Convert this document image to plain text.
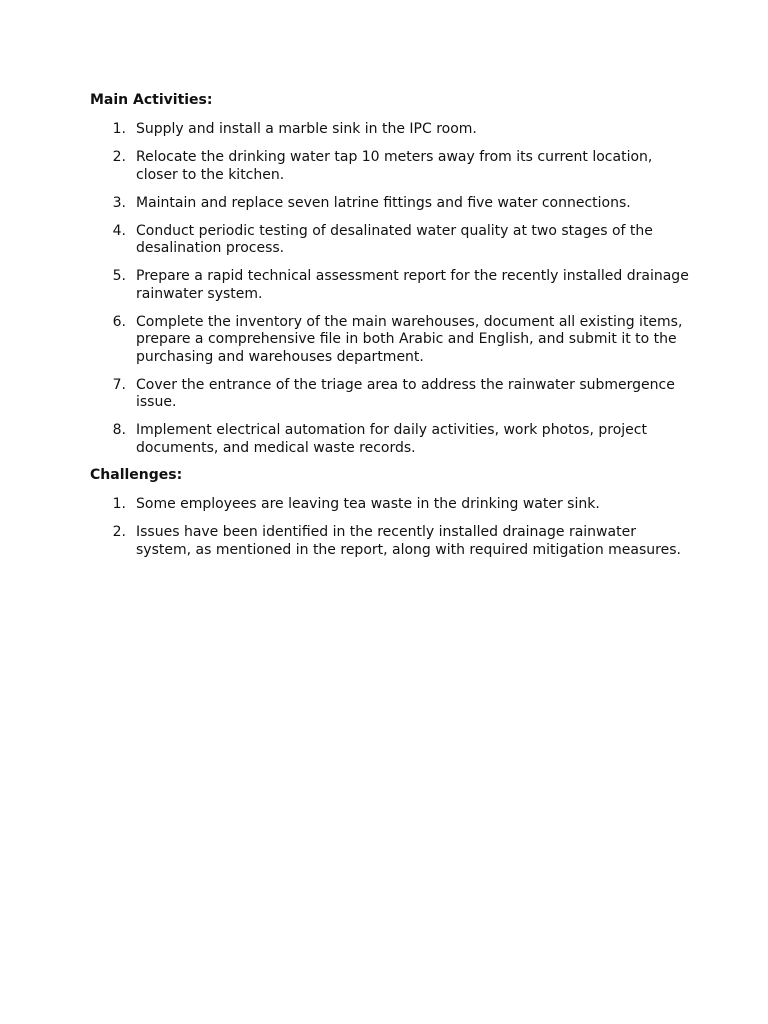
Main Activities:

1. Supply and install a marble sink in the IPC room.
2. Relocate the drinking water tap 10 meters away from its current location, closer to the kitchen.
3. Maintain and replace seven latrine fittings and five water connections.
4. Conduct periodic testing of desalinated water quality at two stages of the desalination process.
5. Prepare a rapid technical assessment report for the recently installed drainage rainwater system.
6. Complete the inventory of the main warehouses, document all existing items, prepare a comprehensive file in both Arabic and English, and submit it to the purchasing and warehouses department.
7. Cover the entrance of the triage area to address the rainwater submergence issue.
8. Implement electrical automation for daily activities, work photos, project documents, and medical waste records.

Challenges:

1. Some employees are leaving tea waste in the drinking water sink.
2. Issues have been identified in the recently installed drainage rainwater system, as mentioned in the report, along with required mitigation measures.
